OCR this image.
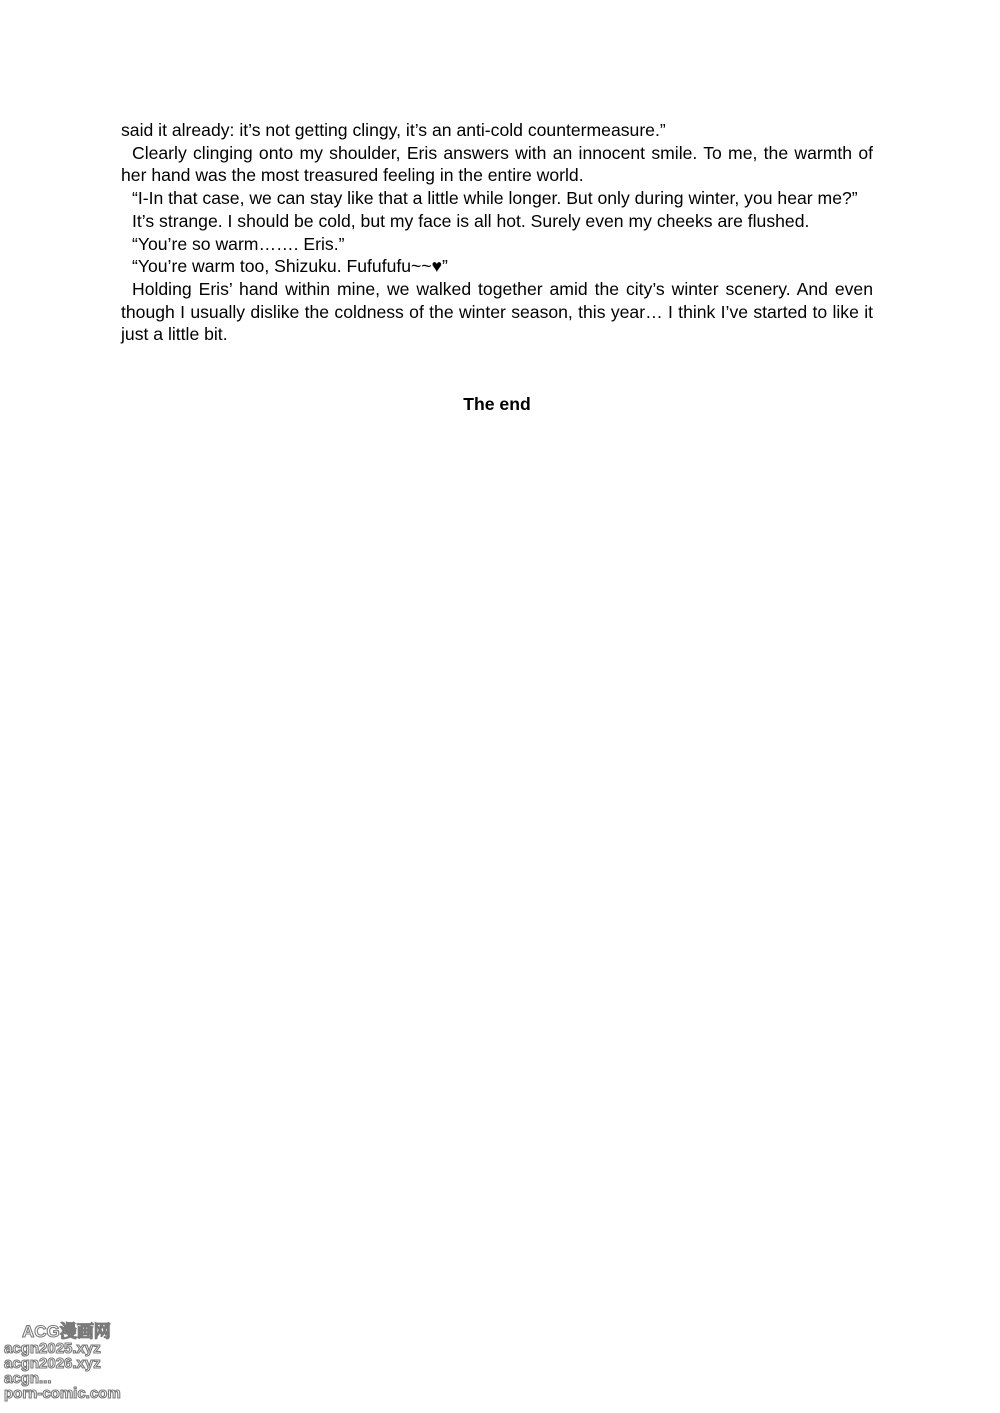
said it already: it’s not getting clingy, it’s an anti-cold countermeasure.”

Clearly clinging onto my shoulder, Eris answers with an innocent smile. To me, the warmth of her hand was the most treasured feeling in the entire world.

“I-In that case, we can stay like that a little while longer. But only during winter, you hear me?”

It’s strange. I should be cold, but my face is all hot. Surely even my cheeks are flushed.

“You’re so warm……. Eris.”

“You’re warm too, Shizuku. Fufufufu~~♥”

Holding Eris’ hand within mine, we walked together amid the city’s winter scenery. And even though I usually dislike the coldness of the winter season, this year… I think I’ve started to like it just a little bit.

The end
ACG漫画网
acgn2025.xyz
acgn2026.xyz
acgn...
porn-comic.com
